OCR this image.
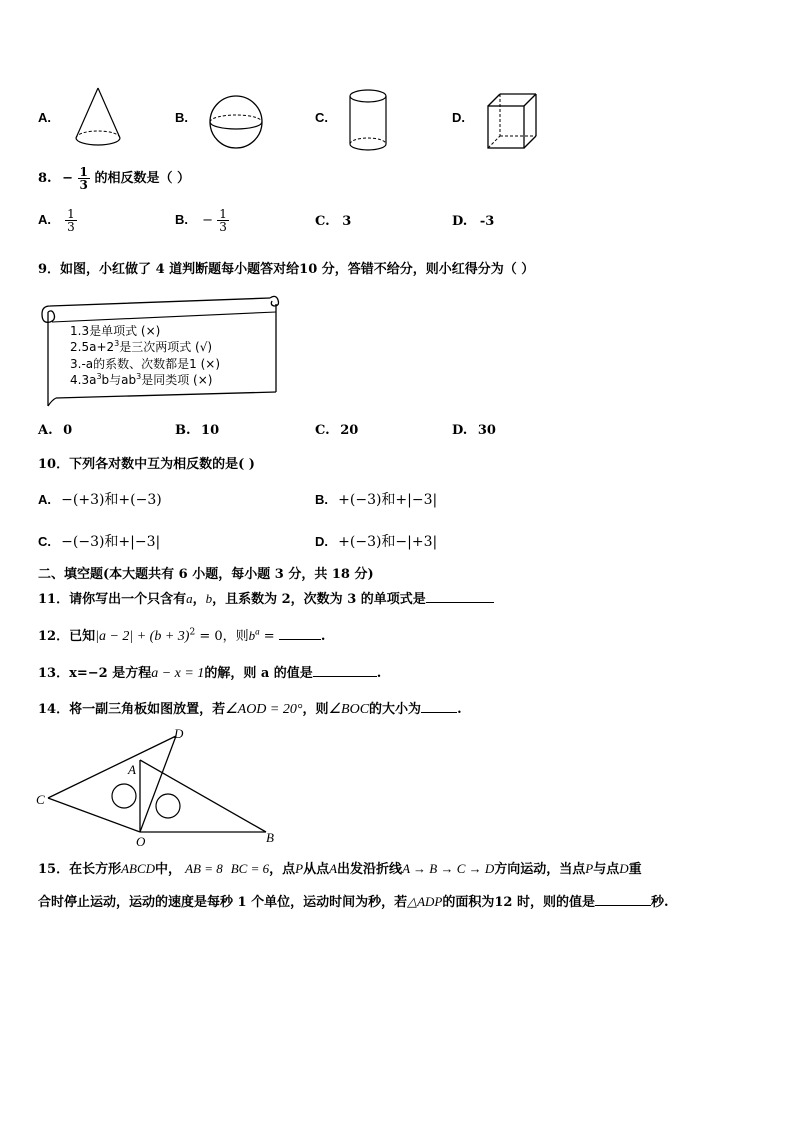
A.	B.	C.	D.
8. − $\frac{1}{3}$ 的相反数是（ ）
A. $\frac{1}{3}$	B. − $\frac{1}{3}$	C. 3	D. -3
9．如图，小红做了 4 道判断题每小题答对给10 分，答错不给分，则小红得分为（ ）
1.3是单项式 (×)
$2.5a+2^3$是三次两项式 (√)
3.-a的系数、次数都是1 (×)
$4.3a^3b$与$ab^3$是同类项 (×)
A. 0	B. 10	C. 20	D. 30
10．下列各对数中互为相反数的是( )
A. −(+3)和+(−3)	B. +(−3)和+|−3|
C. −(−3)和+|−3|	D. +(−3)和−|+3|
二、填空题(本大题共有 6 小题，每小题 3 分，共 18 分)
11．请你写出一个只含有a，b，且系数为 2，次数为 3 的单项式是
12．已知$|a - 2| + (b + 3)^2 = 0$，则$b^a$ =	.
13．x=−2 是方程a − x = 1的解，则 a 的值是	.
14．将一副三角板如图放置，若∠AOD = 20°，则∠BOC的大小为	.
C
D
A
O	B
15．在长方形ABCD中， AB = 8 BC = 6，点P从点A出发沿折线A → B → C → D方向运动，当点P与点D重
合时停止运动，运动的速度是每秒 1 个单位，运动时间为秒，若△ADP的面积为12 时，则的值是	秒.
